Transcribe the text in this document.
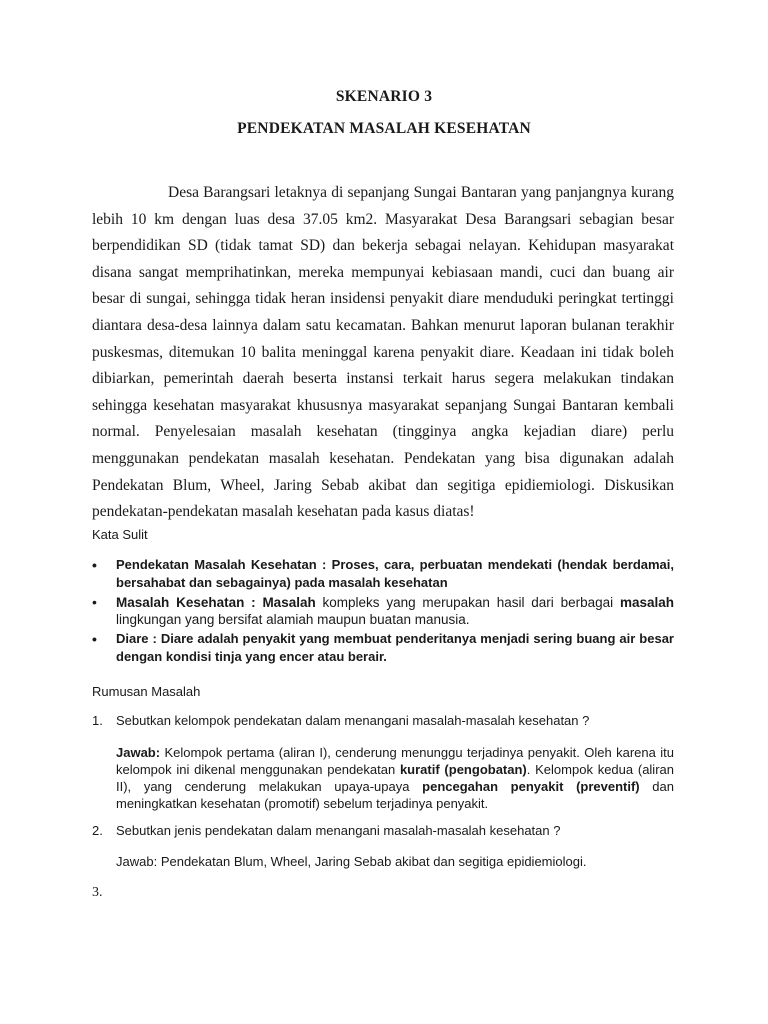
SKENARIO 3
PENDEKATAN MASALAH KESEHATAN

Desa Barangsari letaknya di sepanjang Sungai Bantaran yang panjangnya kurang lebih 10 km dengan luas desa 37.05 km2. Masyarakat Desa Barangsari sebagian besar berpendidikan SD (tidak tamat SD) dan bekerja sebagai nelayan. Kehidupan masyarakat disana sangat memprihatinkan, mereka mempunyai kebiasaan mandi, cuci dan buang air besar di sungai, sehingga tidak heran insidensi penyakit diare menduduki peringkat tertinggi diantara desa-desa lainnya dalam satu kecamatan. Bahkan menurut laporan bulanan terakhir puskesmas, ditemukan 10 balita meninggal karena penyakit diare. Keadaan ini tidak boleh dibiarkan, pemerintah daerah beserta instansi terkait harus segera melakukan tindakan sehingga kesehatan masyarakat khususnya masyarakat sepanjang Sungai Bantaran kembali normal. Penyelesaian masalah kesehatan (tingginya angka kejadian diare) perlu menggunakan pendekatan masalah kesehatan. Pendekatan yang bisa digunakan adalah Pendekatan Blum, Wheel, Jaring Sebab akibat dan segitiga epidiemiologi. Diskusikan pendekatan-pendekatan masalah kesehatan pada kasus diatas!

Kata Sulit
• Pendekatan Masalah Kesehatan : Proses, cara, perbuatan mendekati (hendak berdamai, bersahabat dan sebagainya) pada masalah kesehatan
• Masalah Kesehatan : Masalah kompleks yang merupakan hasil dari berbagai masalah lingkungan yang bersifat alamiah maupun buatan manusia.
• Diare : Diare adalah penyakit yang membuat penderitanya menjadi sering buang air besar dengan kondisi tinja yang encer atau berair.
Rumusan Masalah
1. Sebutkan kelompok pendekatan dalam menangani masalah-masalah kesehatan ?
Jawab: Kelompok pertama (aliran I), cenderung menunggu terjadinya penyakit. Oleh karena itu kelompok ini dikenal menggunakan pendekatan kuratif (pengobatan). Kelompok kedua (aliran II), yang cenderung melakukan upaya-upaya pencegahan penyakit (preventif) dan meningkatkan kesehatan (promotif) sebelum terjadinya penyakit.
2. Sebutkan jenis pendekatan dalam menangani masalah-masalah kesehatan ?
Jawab: Pendekatan Blum, Wheel, Jaring Sebab akibat dan segitiga epidiemiologi.
3.
